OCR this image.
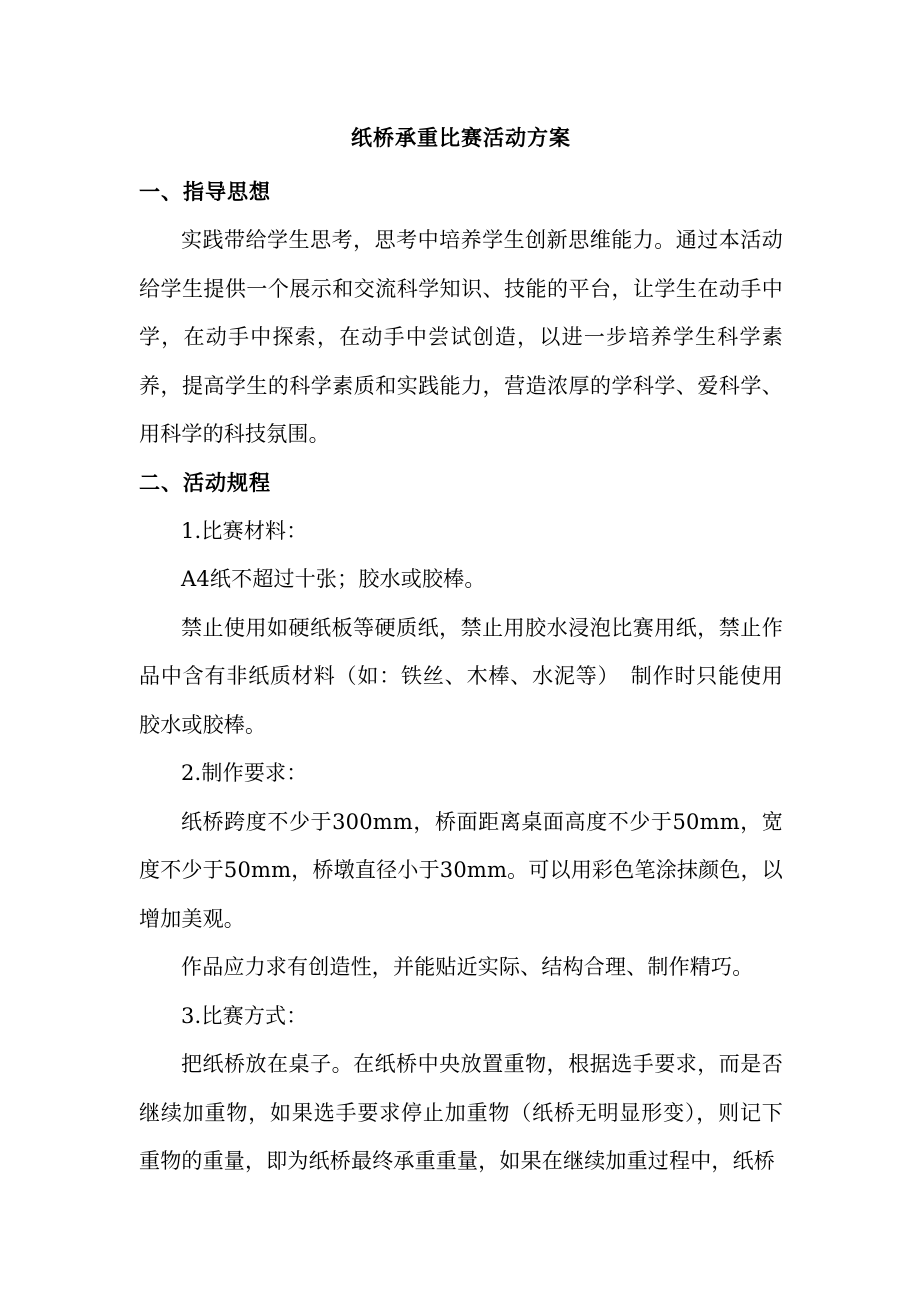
纸桥承重比赛活动方案
一、指导思想

实践带给学生思考，思考中培养学生创新思维能力。通过本活动给学生提供一个展示和交流科学知识、技能的平台，让学生在动手中学，在动手中探索，在动手中尝试创造，以进一步培养学生科学素养，提高学生的科学素质和实践能力，营造浓厚的学科学、爱科学、用科学的科技氛围。

二、活动规程

1.比赛材料：

A4纸不超过十张；胶水或胶棒。

禁止使用如硬纸板等硬质纸，禁止用胶水浸泡比赛用纸，禁止作品中含有非纸质材料（如：铁丝、木棒、水泥等）　制作时只能使用胶水或胶棒。

2.制作要求：

纸桥跨度不少于300mm，桥面距离桌面高度不少于50mm，宽度不少于50mm，桥墩直径小于30mm。可以用彩色笔涂抹颜色，以增加美观。

作品应力求有创造性，并能贴近实际、结构合理、制作精巧。

3.比赛方式：

把纸桥放在桌子。在纸桥中央放置重物，根据选手要求，而是否继续加重物，如果选手要求停止加重物（纸桥无明显形变），则记下重物的重量，即为纸桥最终承重重量，如果在继续加重过程中，纸桥
